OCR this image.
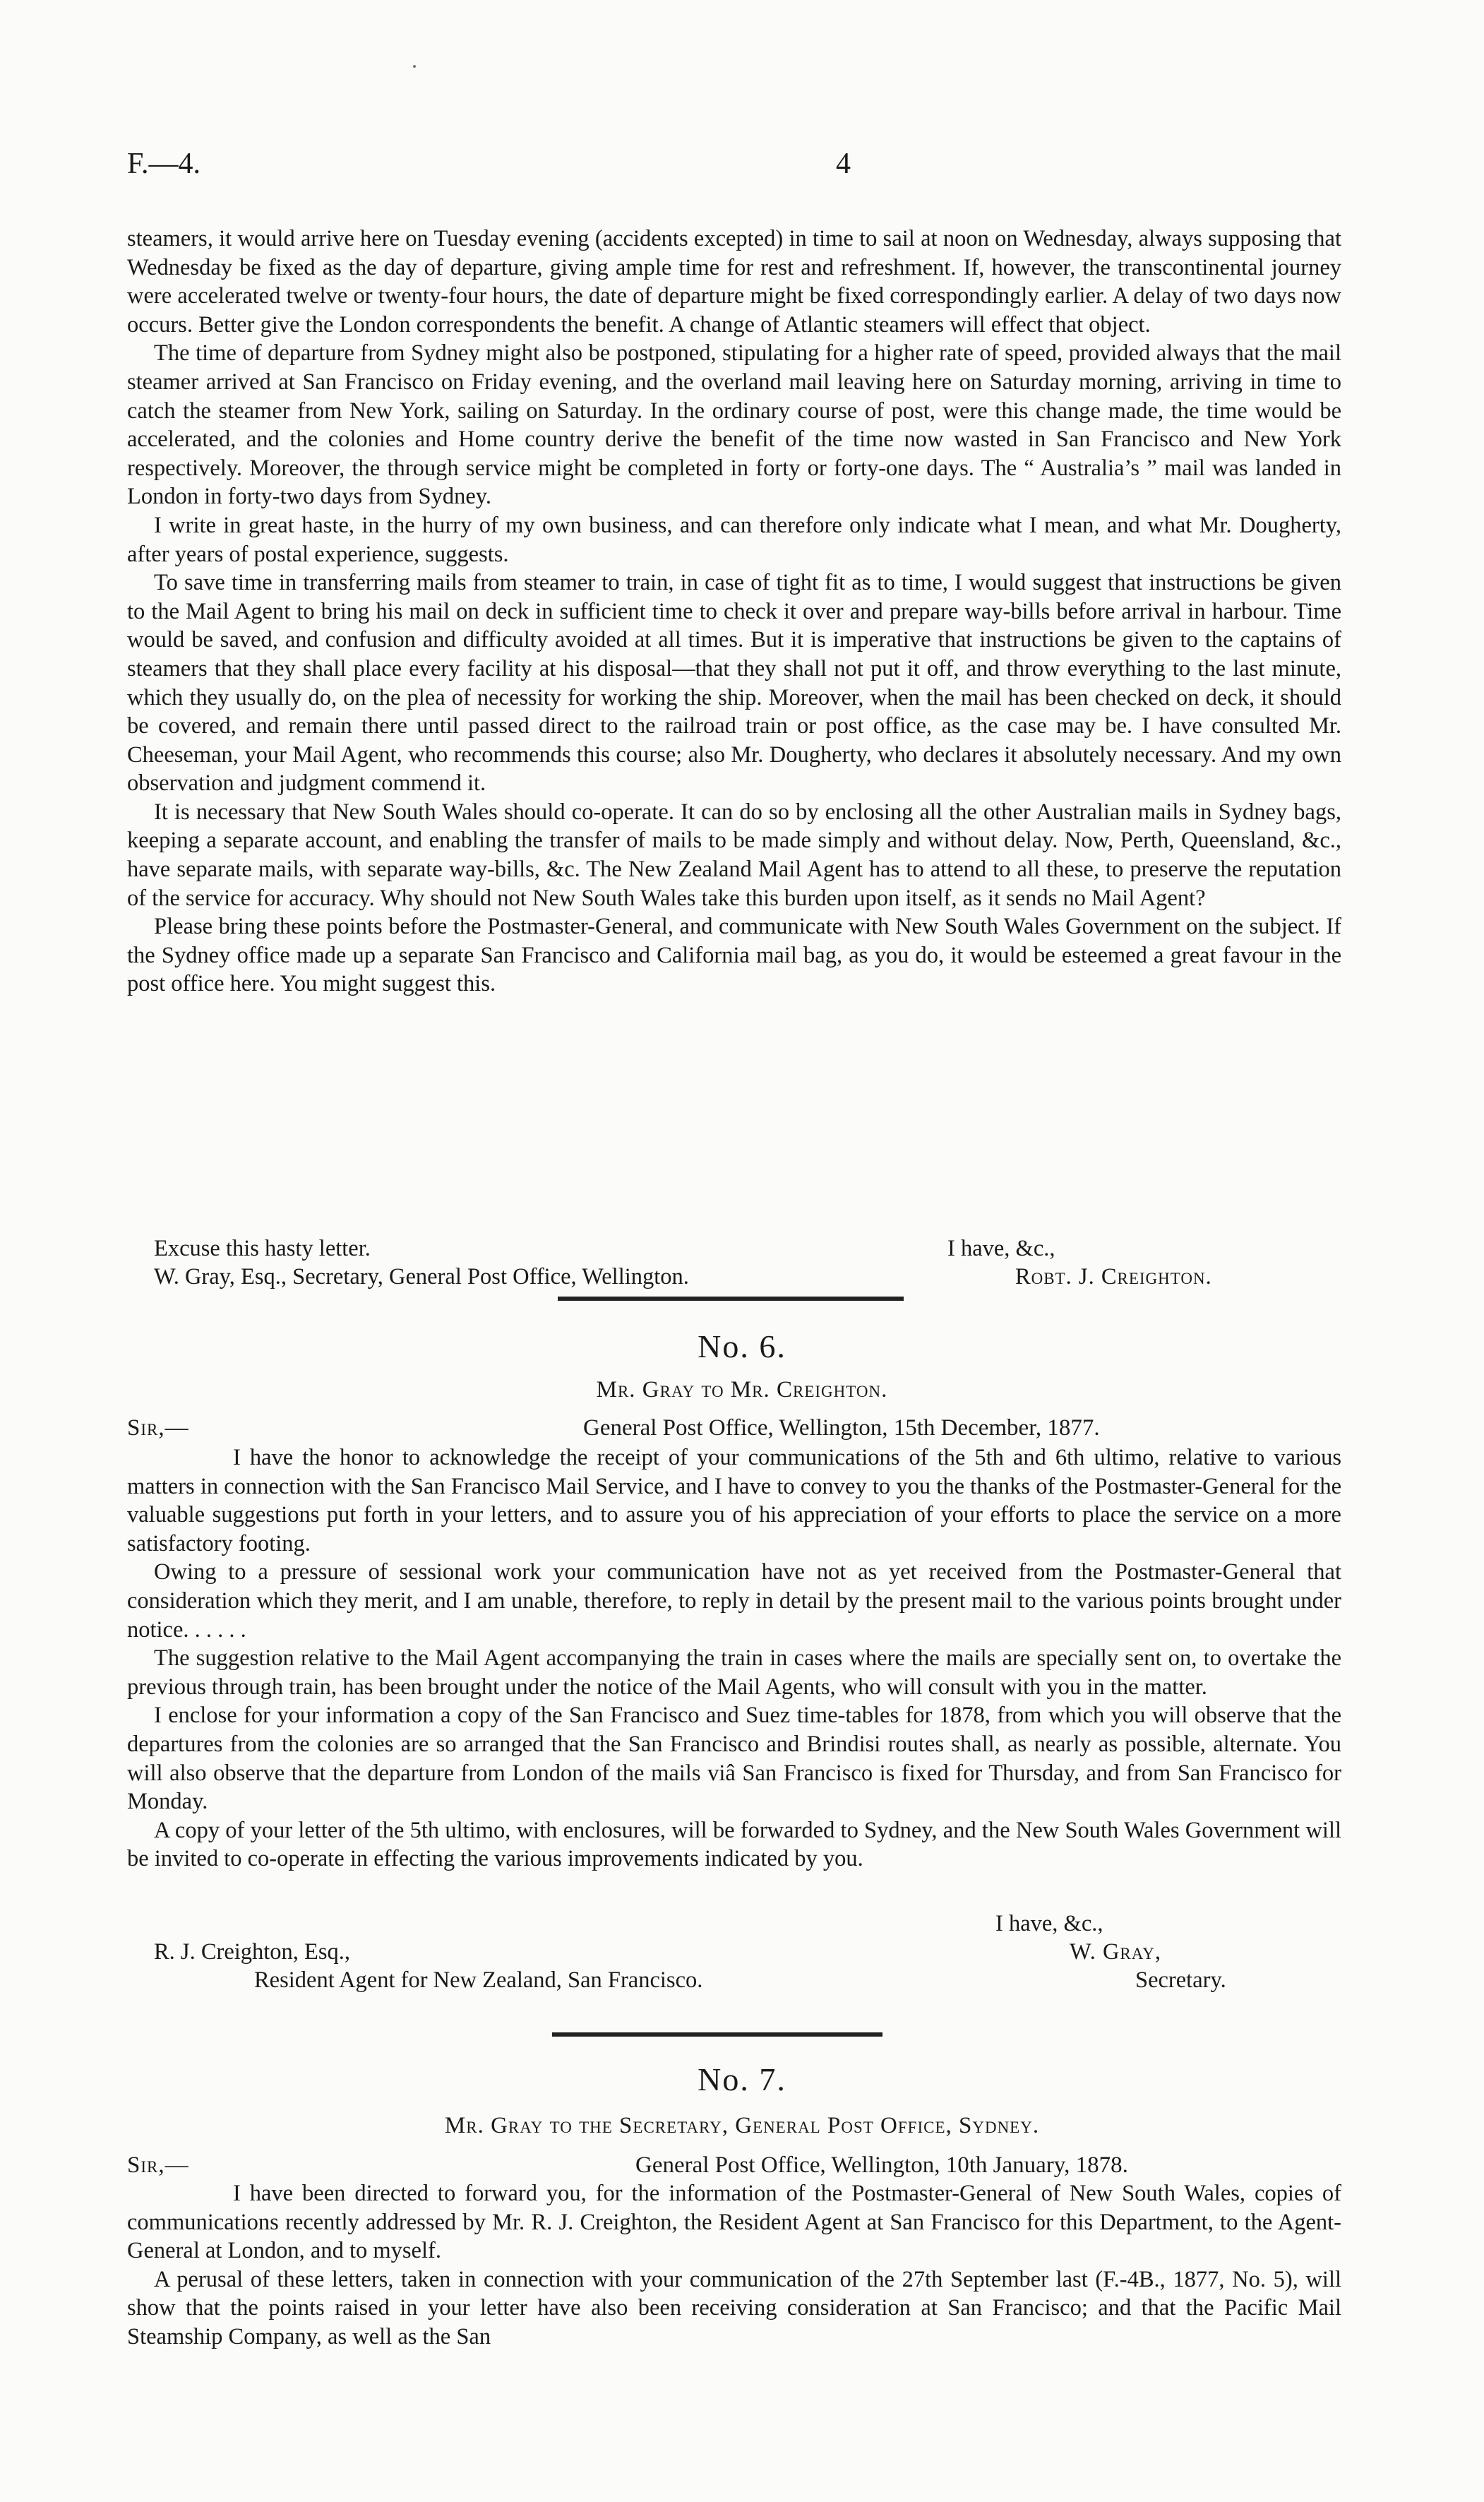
F.—4.	4

steamers, it would arrive here on Tuesday evening (accidents excepted) in time to sail at noon on Wednesday, always supposing that Wednesday be fixed as the day of departure, giving ample time for rest and refreshment. If, however, the transcontinental journey were accelerated twelve or twenty-four hours, the date of departure might be fixed correspondingly earlier. A delay of two days now occurs. Better give the London correspondents the benefit. A change of Atlantic steamers will effect that object.

The time of departure from Sydney might also be postponed, stipulating for a higher rate of speed, provided always that the mail steamer arrived at San Francisco on Friday evening, and the overland mail leaving here on Saturday morning, arriving in time to catch the steamer from New York, sailing on Saturday. In the ordinary course of post, were this change made, the time would be accelerated, and the colonies and Home country derive the benefit of the time now wasted in San Francisco and New York respectively. Moreover, the through service might be completed in forty or forty-one days. The “ Australia’s ” mail was landed in London in forty-two days from Sydney.

I write in great haste, in the hurry of my own business, and can therefore only indicate what I mean, and what Mr. Dougherty, after years of postal experience, suggests.

To save time in transferring mails from steamer to train, in case of tight fit as to time, I would suggest that instructions be given to the Mail Agent to bring his mail on deck in sufficient time to check it over and prepare way-bills before arrival in harbour. Time would be saved, and confusion and difficulty avoided at all times. But it is imperative that instructions be given to the captains of steamers that they shall place every facility at his disposal—that they shall not put it off, and throw everything to the last minute, which they usually do, on the plea of necessity for working the ship. Moreover, when the mail has been checked on deck, it should be covered, and remain there until passed direct to the railroad train or post office, as the case may be. I have consulted Mr. Cheeseman, your Mail Agent, who recommends this course; also Mr. Dougherty, who declares it absolutely necessary. And my own observation and judgment commend it.

It is necessary that New South Wales should co-operate. It can do so by enclosing all the other Australian mails in Sydney bags, keeping a separate account, and enabling the transfer of mails to be made simply and without delay. Now, Perth, Queensland, &c., have separate mails, with separate way-bills, &c. The New Zealand Mail Agent has to attend to all these, to preserve the reputation of the service for accuracy. Why should not New South Wales take this burden upon itself, as it sends no Mail Agent?

Please bring these points before the Postmaster-General, and communicate with New South Wales Government on the subject. If the Sydney office made up a separate San Francisco and California mail bag, as you do, it would be esteemed a great favour in the post office here. You might suggest this.

Excuse this hasty letter.	I have, &c.,
W. Gray, Esq., Secretary, General Post Office, Wellington.	Robt. J. Creighton.
No. 6.
Mr. Gray to Mr. Creighton.
Sir,—	General Post Office, Wellington, 15th December, 1877.

I have the honor to acknowledge the receipt of your communications of the 5th and 6th ultimo, relative to various matters in connection with the San Francisco Mail Service, and I have to convey to you the thanks of the Postmaster-General for the valuable suggestions put forth in your letters, and to assure you of his appreciation of your efforts to place the service on a more satisfactory footing.

Owing to a pressure of sessional work your communication have not as yet received from the Postmaster-General that consideration which they merit, and I am unable, therefore, to reply in detail by the present mail to the various points brought under notice. . . . . .

The suggestion relative to the Mail Agent accompanying the train in cases where the mails are specially sent on, to overtake the previous through train, has been brought under the notice of the Mail Agents, who will consult with you in the matter.

I enclose for your information a copy of the San Francisco and Suez time-tables for 1878, from which you will observe that the departures from the colonies are so arranged that the San Francisco and Brindisi routes shall, as nearly as possible, alternate. You will also observe that the departure from London of the mails viâ San Francisco is fixed for Thursday, and from San Francisco for Monday.

A copy of your letter of the 5th ultimo, with enclosures, will be forwarded to Sydney, and the New South Wales Government will be invited to co-operate in effecting the various improvements indicated by you.

I have, &c.,
R. J. Creighton, Esq.,	W. Gray,
Resident Agent for New Zealand, San Francisco.	Secretary.
No. 7.
Mr. Gray to the Secretary, General Post Office, Sydney.
Sir,—	General Post Office, Wellington, 10th January, 1878.

I have been directed to forward you, for the information of the Postmaster-General of New South Wales, copies of communications recently addressed by Mr. R. J. Creighton, the Resident Agent at San Francisco for this Department, to the Agent-General at London, and to myself.

A perusal of these letters, taken in connection with your communication of the 27th September last (F.-4B., 1877, No. 5), will show that the points raised in your letter have also been receiving consideration at San Francisco; and that the Pacific Mail Steamship Company, as well as the San
